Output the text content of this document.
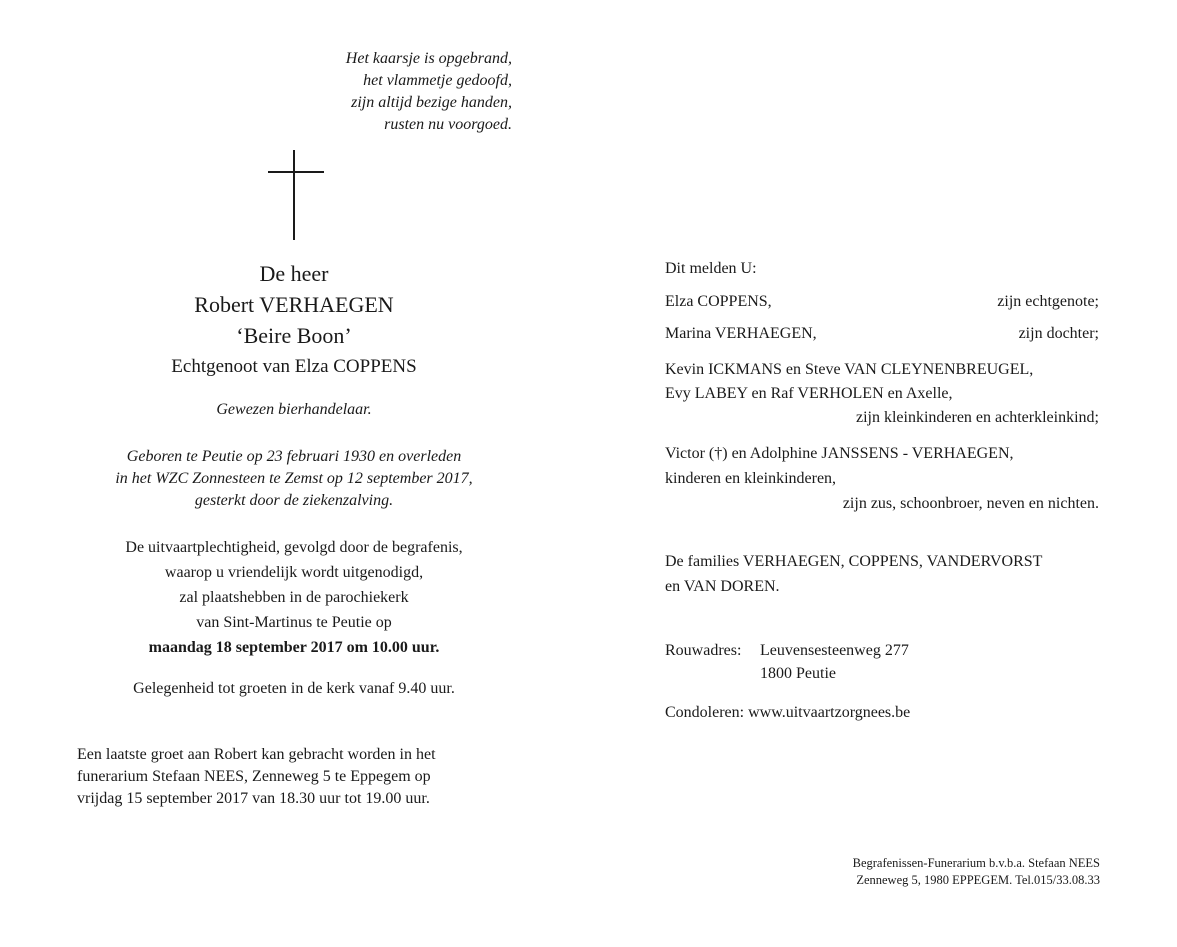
Het kaarsje is opgebrand,
het vlammetje gedoofd,
zijn altijd bezige handen,
rusten nu voorgoed.
De heer
Robert VERHAEGEN
‘Beire Boon’
Echtgenoot van Elza COPPENS
Gewezen bierhandelaar.
Geboren te Peutie op 23 februari 1930 en overleden
in het WZC Zonnesteen te Zemst op 12 september 2017,
gesterkt door de ziekenzalving.
De uitvaartplechtigheid, gevolgd door de begrafenis,
waarop u vriendelijk wordt uitgenodigd,
zal plaatshebben in de parochiekerk
van Sint-Martinus te Peutie op
maandag 18 september 2017 om 10.00 uur.
Gelegenheid tot groeten in de kerk vanaf 9.40 uur.
Een laatste groet aan Robert kan gebracht worden in het
funerarium Stefaan NEES, Zenneweg 5 te Eppegem op
vrijdag 15 september 2017 van 18.30 uur tot 19.00 uur.
Dit melden U:
Elza COPPENS,	zijn echtgenote;
Marina VERHAEGEN,	zijn dochter;
Kevin ICKMANS en Steve VAN CLEYNENBREUGEL,
Evy LABEY en Raf VERHOLEN en Axelle,
zijn kleinkinderen en achterkleinkind;
Victor (†) en Adolphine JANSSENS - VERHAEGEN,
kinderen en kleinkinderen,
zijn zus, schoonbroer, neven en nichten.
De families VERHAEGEN, COPPENS, VANDERVORST
en VAN DOREN.
Rouwadres:	Leuvensesteenweg 277
1800 Peutie
Condoleren: www.uitvaartzorgnees.be
Begrafenissen-Funerarium b.v.b.a. Stefaan NEES
Zenneweg 5, 1980 EPPEGEM. Tel.015/33.08.33
